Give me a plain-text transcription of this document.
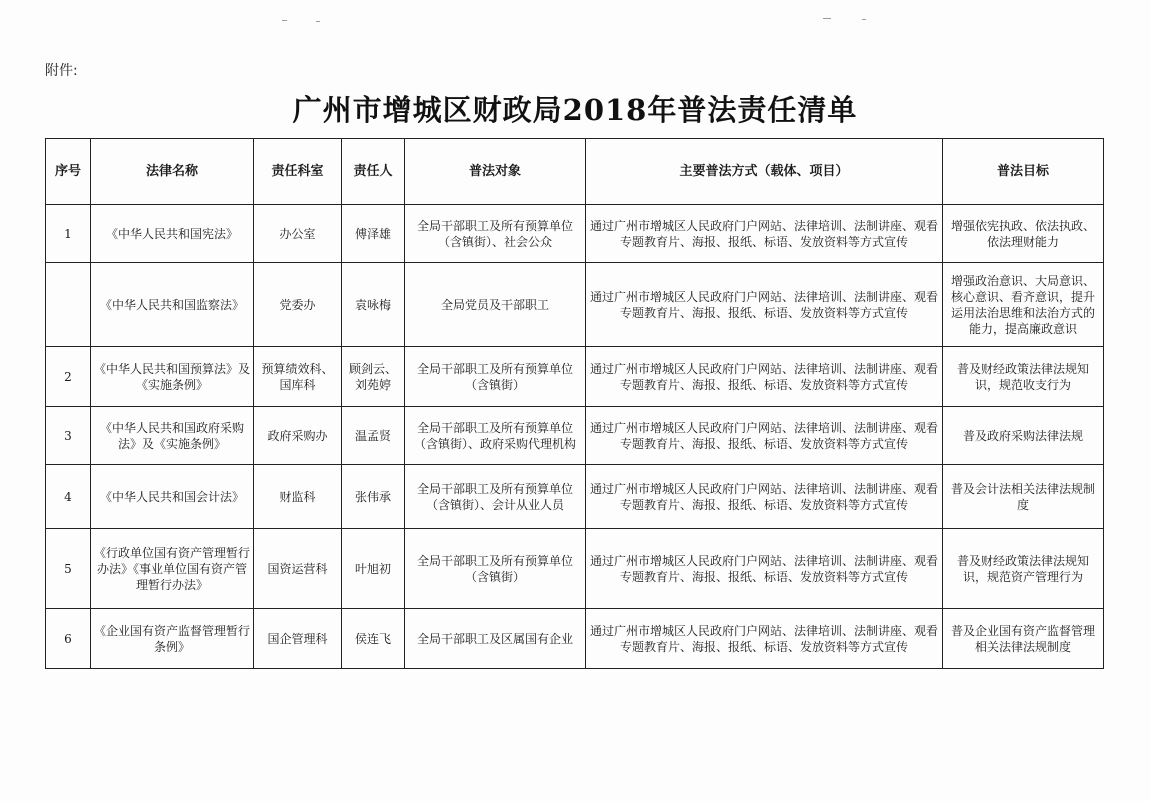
附件:
广州市增城区财政局2018年普法责任清单
序号	法律名称	责任科室	责任人	普法对象	主要普法方式（载体、项目）	普法目标
1	《中华人民共和国宪法》	办公室	傅泽雄	全局干部职工及所有预算单位（含镇街）、社会公众	通过广州市增城区人民政府门户网站、法律培训、法制讲座、观看专题教育片、海报、报纸、标语、发放资料等方式宣传	增强依宪执政、依法执政、依法理财能力
	《中华人民共和国监察法》	党委办	袁咏梅	全局党员及干部职工	通过广州市增城区人民政府门户网站、法律培训、法制讲座、观看专题教育片、海报、报纸、标语、发放资料等方式宣传	增强政治意识、大局意识、核心意识、看齐意识，提升运用法治思维和法治方式的能力，提高廉政意识
2	《中华人民共和国预算法》及《实施条例》	预算绩效科、国库科	顾剑云、刘苑婷	全局干部职工及所有预算单位（含镇街）	通过广州市增城区人民政府门户网站、法律培训、法制讲座、观看专题教育片、海报、报纸、标语、发放资料等方式宣传	普及财经政策法律法规知识，规范收支行为
3	《中华人民共和国政府采购法》及《实施条例》	政府采购办	温孟贤	全局干部职工及所有预算单位（含镇街）、政府采购代理机构	通过广州市增城区人民政府门户网站、法律培训、法制讲座、观看专题教育片、海报、报纸、标语、发放资料等方式宣传	普及政府采购法律法规
4	《中华人民共和国会计法》	财监科	张伟承	全局干部职工及所有预算单位（含镇街）、会计从业人员	通过广州市增城区人民政府门户网站、法律培训、法制讲座、观看专题教育片、海报、报纸、标语、发放资料等方式宣传	普及会计法相关法律法规制度
5	《行政单位国有资产管理暂行办法》《事业单位国有资产管理暂行办法》	国资运营科	叶旭初	全局干部职工及所有预算单位（含镇街）	通过广州市增城区人民政府门户网站、法律培训、法制讲座、观看专题教育片、海报、报纸、标语、发放资料等方式宣传	普及财经政策法律法规知识，规范资产管理行为
6	《企业国有资产监督管理暂行条例》	国企管理科	侯连飞	全局干部职工及区属国有企业	通过广州市增城区人民政府门户网站、法律培训、法制讲座、观看专题教育片、海报、报纸、标语、发放资料等方式宣传	普及企业国有资产监督管理相关法律法规制度
